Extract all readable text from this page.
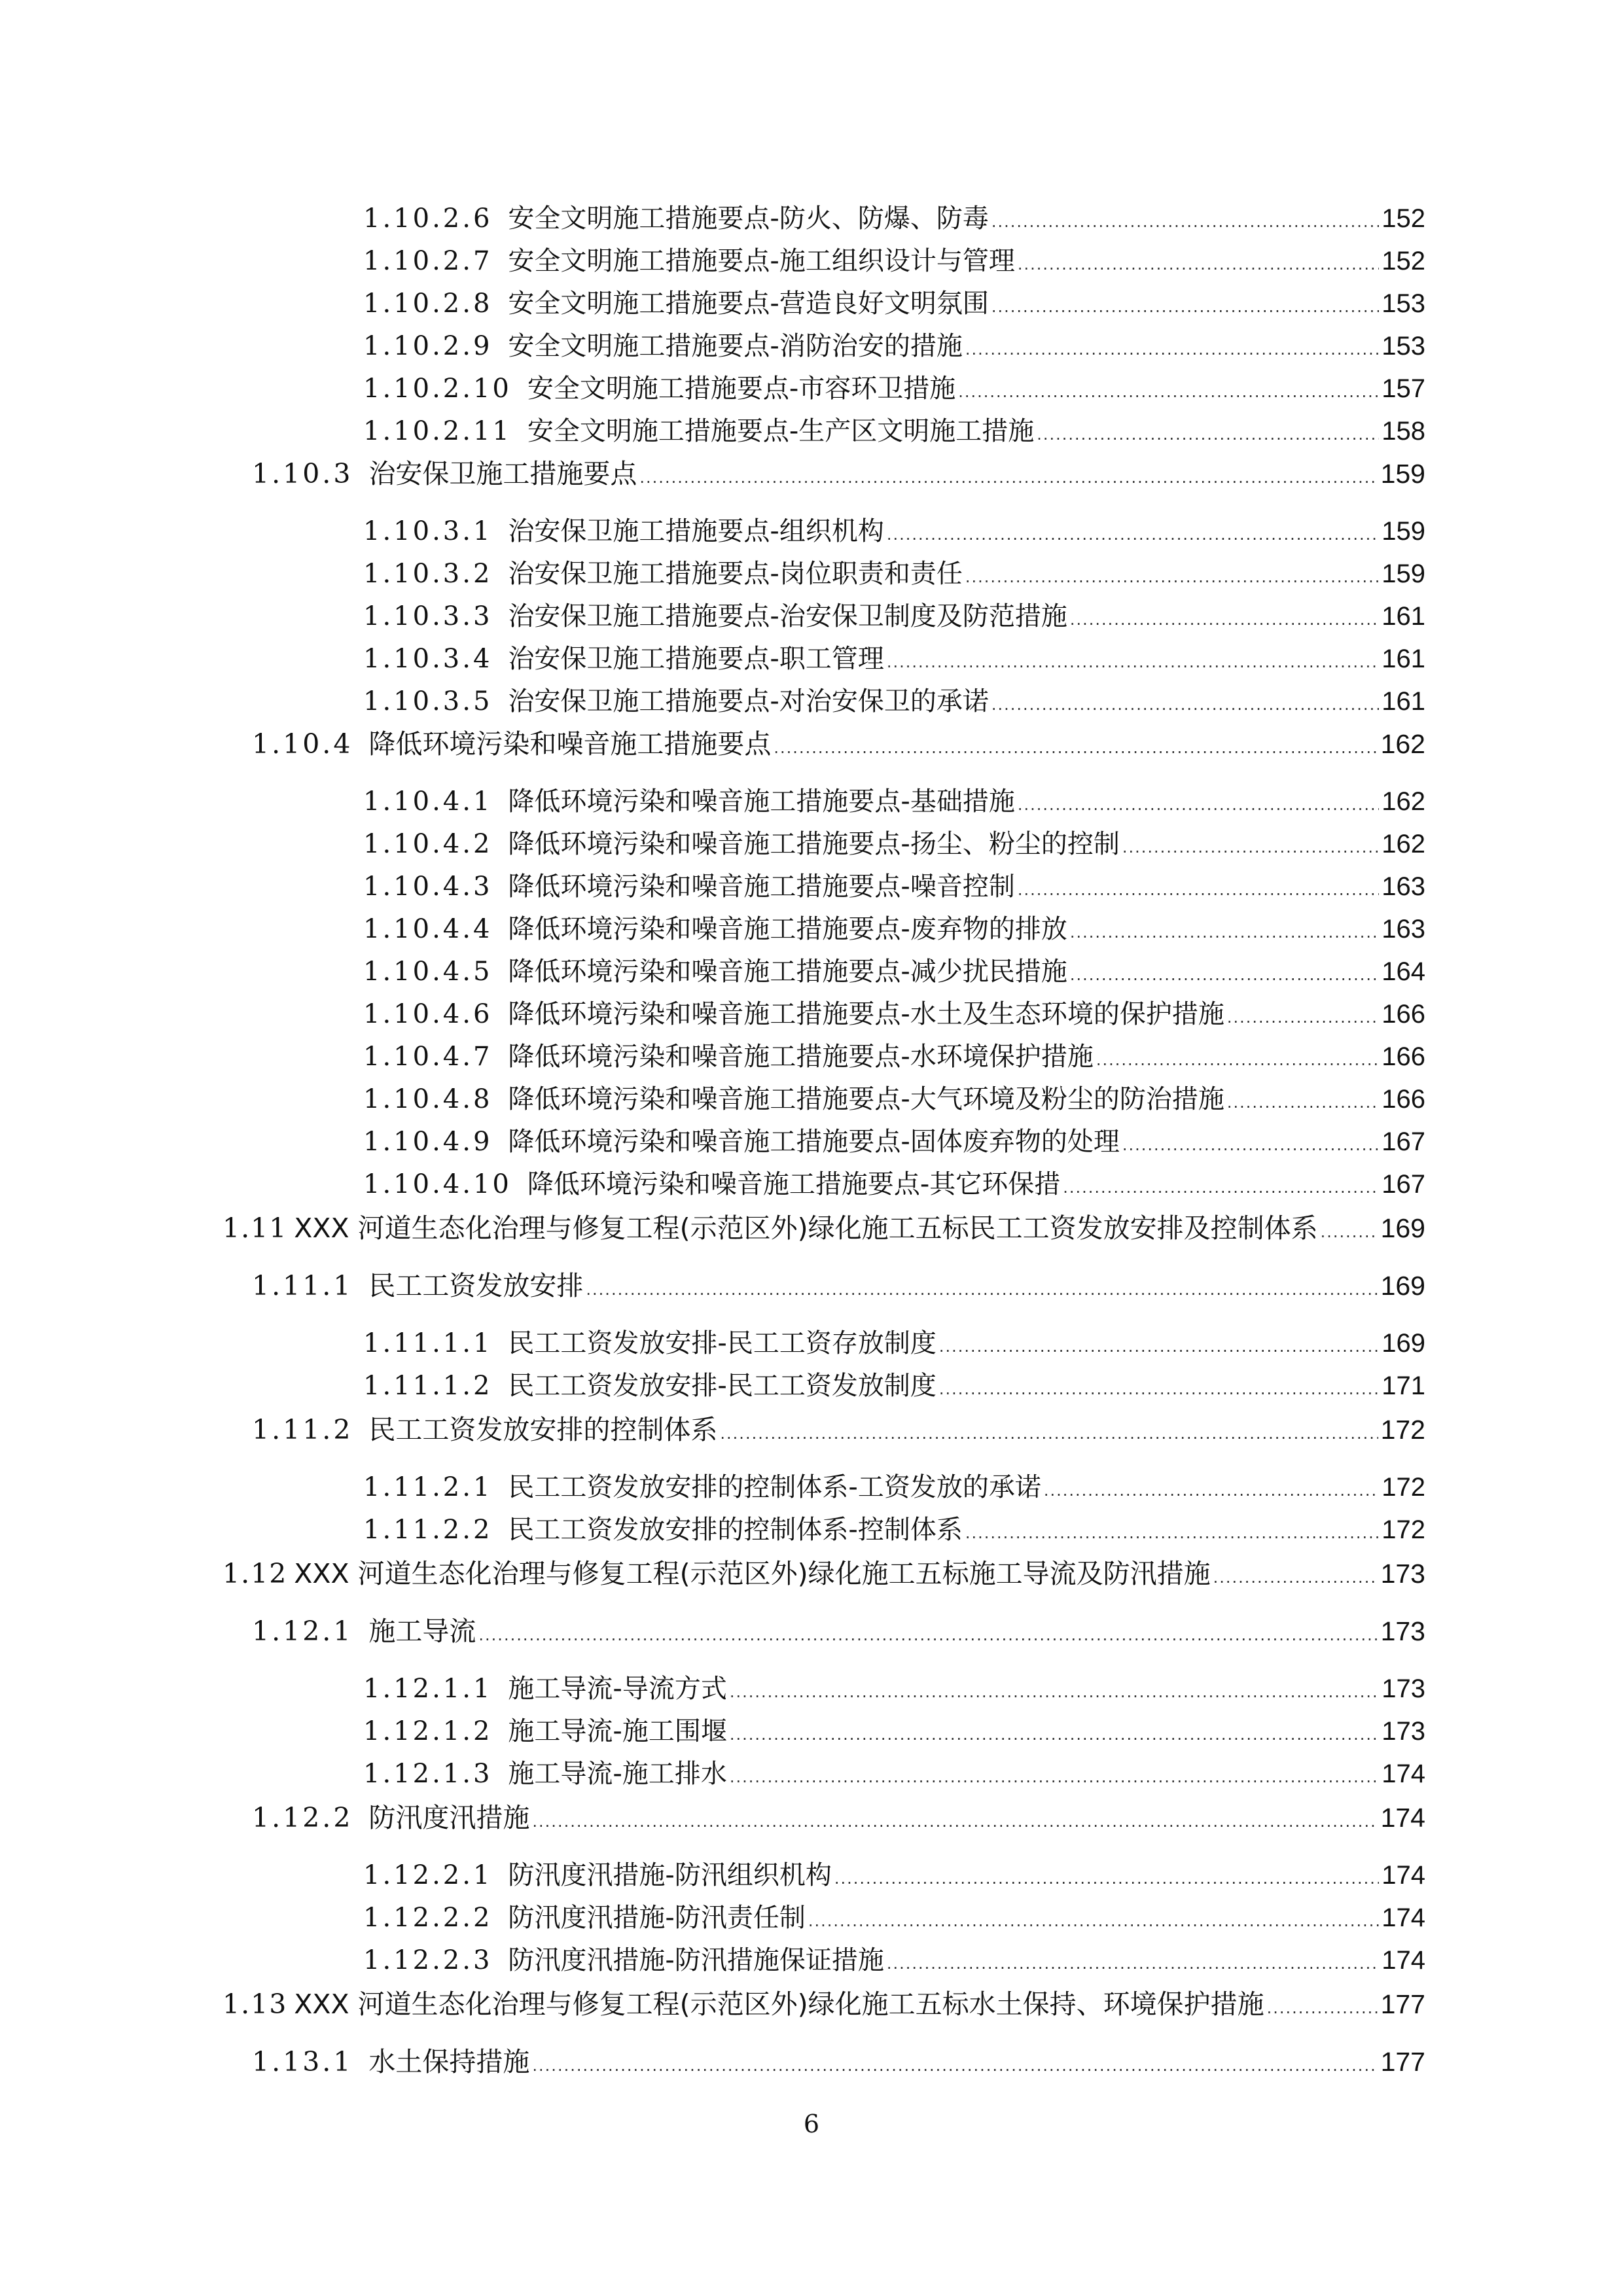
1.10.2.6 安全文明施工措施要点-防火、防爆、防毒 .....	152
1.10.2.7 安全文明施工措施要点-施工组织设计与管理 .....	152
1.10.2.8 安全文明施工措施要点-营造良好文明氛围 .....	153
1.10.2.9 安全文明施工措施要点-消防治安的措施 .....	153
1.10.2.10 安全文明施工措施要点-市容环卫措施 .....	157
1.10.2.11 安全文明施工措施要点-生产区文明施工措施 .....	158
1.10.3 治安保卫施工措施要点 .....	159
1.10.3.1 治安保卫施工措施要点-组织机构 .....	159
1.10.3.2 治安保卫施工措施要点-岗位职责和责任 .....	159
1.10.3.3 治安保卫施工措施要点-治安保卫制度及防范措施 .....	161
1.10.3.4 治安保卫施工措施要点-职工管理 .....	161
1.10.3.5 治安保卫施工措施要点-对治安保卫的承诺 .....	161
1.10.4 降低环境污染和噪音施工措施要点 .....	162
1.10.4.1 降低环境污染和噪音施工措施要点-基础措施 .....	162
1.10.4.2 降低环境污染和噪音施工措施要点-扬尘、粉尘的控制 .....	162
1.10.4.3 降低环境污染和噪音施工措施要点-噪音控制 .....	163
1.10.4.4 降低环境污染和噪音施工措施要点-废弃物的排放 .....	163
1.10.4.5 降低环境污染和噪音施工措施要点-减少扰民措施 .....	164
1.10.4.6 降低环境污染和噪音施工措施要点-水土及生态环境的保护措施 .....	166
1.10.4.7 降低环境污染和噪音施工措施要点-水环境保护措施 .....	166
1.10.4.8 降低环境污染和噪音施工措施要点-大气环境及粉尘的防治措施 .....	166
1.10.4.9 降低环境污染和噪音施工措施要点-固体废弃物的处理 .....	167
1.10.4.10 降低环境污染和噪音施工措施要点-其它环保措 .....	167
1.11 XXX 河道生态化治理与修复工程(示范区外)绿化施工五标民工工资发放安排及控制体系 ..... 169
1.11.1 民工工资发放安排 .....	169
1.11.1.1 民工工资发放安排-民工工资存放制度 .....	169
1.11.1.2 民工工资发放安排-民工工资发放制度 .....	171
1.11.2 民工工资发放安排的控制体系 .....	172
1.11.2.1 民工工资发放安排的控制体系-工资发放的承诺 .....	172
1.11.2.2 民工工资发放安排的控制体系-控制体系 .....	172
1.12 XXX 河道生态化治理与修复工程(示范区外)绿化施工五标施工导流及防汛措施 .....	173
1.12.1 施工导流 .....	173
1.12.1.1 施工导流-导流方式 .....	173
1.12.1.2 施工导流-施工围堰 .....	173
1.12.1.3 施工导流-施工排水 .....	174
1.12.2 防汛度汛措施 .....	174
1.12.2.1 防汛度汛措施-防汛组织机构 .....	174
1.12.2.2 防汛度汛措施-防汛责任制 .....	174
1.12.2.3 防汛度汛措施-防汛措施保证措施 .....	174
1.13 XXX 河道生态化治理与修复工程(示范区外)绿化施工五标水土保持、环境保护措施 .....	177
1.13.1 水土保持措施 .....	177
6
